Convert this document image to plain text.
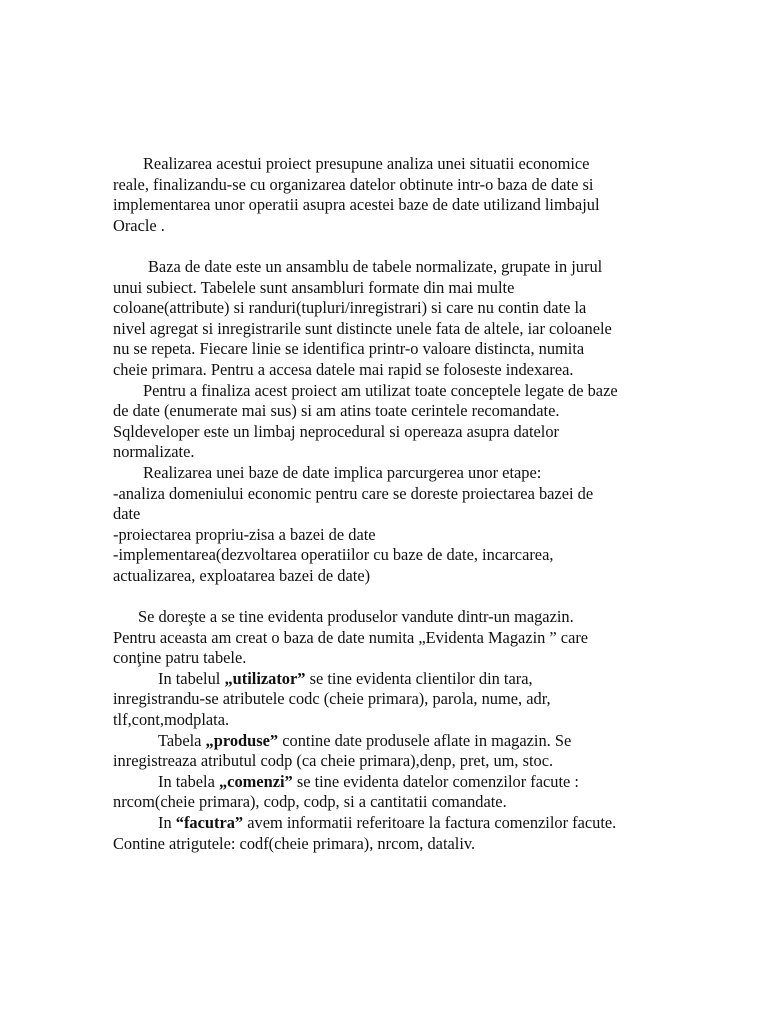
Realizarea acestui proiect presupune analiza unei situatii economice
reale, finalizandu-se cu organizarea datelor obtinute intr-o baza de date si
implementarea unor operatii asupra acestei baze de date utilizand limbajul
Oracle .
Baza de date este un ansamblu de tabele normalizate, grupate in jurul
unui subiect. Tabelele sunt ansambluri formate din mai multe
coloane(attribute) si randuri(tupluri/inregistrari) si care nu contin date la
nivel agregat si inregistrarile sunt distincte unele fata de altele, iar coloanele
nu se repeta. Fiecare linie se identifica printr-o valoare distincta, numita
cheie primara. Pentru a accesa datele mai rapid se foloseste indexarea.
Pentru a finaliza acest proiect am utilizat toate conceptele legate de baze
de date (enumerate mai sus) si am atins toate cerintele recomandate.
Sqldeveloper este un limbaj neprocedural si opereaza asupra datelor
normalizate.
Realizarea unei baze de date implica parcurgerea unor etape:
-analiza domeniului economic pentru care se doreste proiectarea bazei de
date
-proiectarea propriu-zisa a bazei de date
-implementarea(dezvoltarea operatiilor cu baze de date, incarcarea,
actualizarea, exploatarea bazei de date)
Se doreşte a se tine evidenta produselor vandute dintr-un magazin.
Pentru aceasta am creat o baza de date numita „Evidenta Magazin ” care
conţine patru tabele.
In tabelul „utilizator” se tine evidenta clientilor din tara,
inregistrandu-se atributele codc (cheie primara), parola, nume, adr,
tlf,cont,modplata.
Tabela „produse” contine date produsele aflate in magazin. Se
inregistreaza atributul codp (ca cheie primara),denp, pret, um, stoc.
In tabela „comenzi” se tine evidenta datelor comenzilor facute :
nrcom(cheie primara), codp, codp, si a cantitatii comandate.
In “facutra” avem informatii referitoare la factura comenzilor facute.
Contine atrigutele: codf(cheie primara), nrcom, dataliv.
